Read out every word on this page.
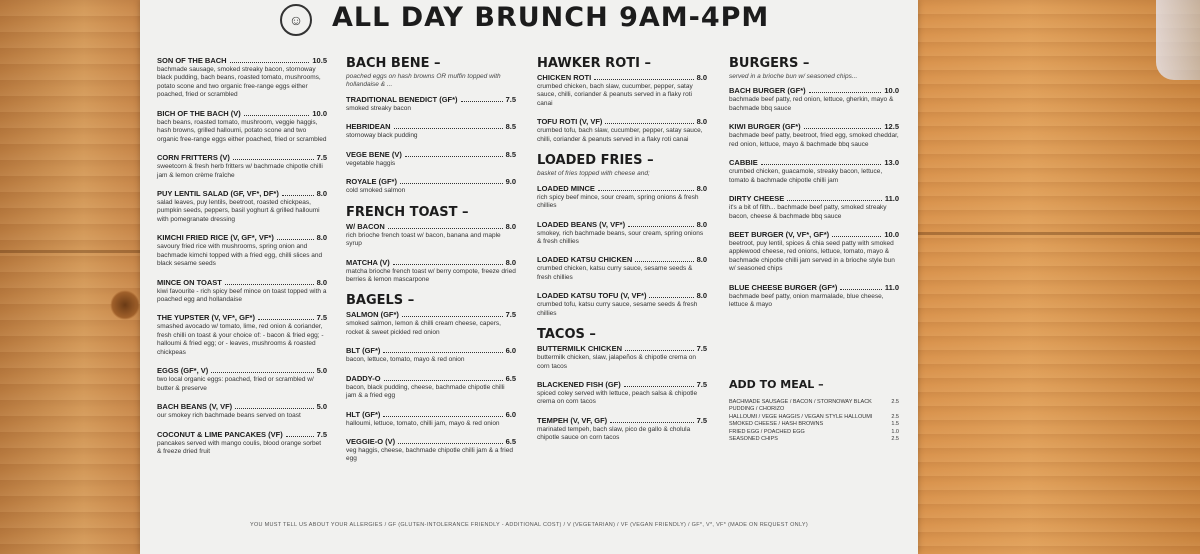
☺	ALL DAY BRUNCH 9AM-4PM
SON OF THE BACH	10.5
bachmade sausage, smoked streaky bacon, stornoway black pudding, bach beans, roasted tomato, mushrooms, potato scone and two organic free-range eggs either poached, fried or scrambled
BICH OF THE BACH (V)	10.0
bach beans, roasted tomato, mushroom, veggie haggis, hash browns, grilled halloumi, potato scone and two organic free-range eggs either poached, fried or scrambled
CORN FRITTERS (V)	7.5
sweetcorn & fresh herb fritters w/ bachmade chipotle chilli jam & lemon crème fraîche
PUY LENTIL SALAD (GF, VF*, DF*)	8.0
salad leaves, puy lentils, beetroot, roasted chickpeas, pumpkin seeds, peppers, basil yoghurt & grilled halloumi with pomegranate dressing
KIMCHI FRIED RICE (V, GF*, VF*)	8.0
savoury fried rice with mushrooms, spring onion and bachmade kimchi topped with a fried egg, chilli slices and black sesame seeds
MINCE ON TOAST	8.0
kiwi favourite - rich spicy beef mince on toast topped with a poached egg and hollandaise
THE YUPSTER (V, VF*, GF*)	7.5
smashed avocado w/ tomato, lime, red onion & coriander, fresh chilli on toast & your choice of: - bacon & fried egg; - halloumi & fried egg; or - leaves, mushrooms & roasted chickpeas
EGGS (GF*, V)	5.0
two local organic eggs: poached, fried or scrambled w/ butter & preserve
BACH BEANS (V, VF)	5.0
our smokey rich bachmade beans served on toast
COCONUT & LIME PANCAKES (VF)	7.5
pancakes served with mango coulis, blood orange sorbet & freeze dried fruit
BACH BENE –
poached eggs on hash browns OR muffin topped with hollandaise & ...
TRADITIONAL BENEDICT (GF*)	7.5
smoked streaky bacon
HEBRIDEAN	8.5
stornoway black pudding
VEGE BENE (V)	8.5
vegetable haggis
ROYALE (GF*)	9.0
cold smoked salmon
FRENCH TOAST –
W/ BACON	8.0
rich brioche french toast w/ bacon, banana and maple syrup
MATCHA (V)	8.0
matcha brioche french toast w/ berry compote, freeze dried berries & lemon mascarpone
BAGELS –
SALMON (GF*)	7.5
smoked salmon, lemon & chilli cream cheese, capers, rocket & sweet pickled red onion
BLT (GF*)	6.0
bacon, lettuce, tomato, mayo & red onion
DADDY-O	6.5
bacon, black pudding, cheese, bachmade chipotle chilli jam & a fried egg
HLT (GF*)	6.0
halloumi, lettuce, tomato, chilli jam, mayo & red onion
VEGGIE-O (V)	6.5
veg haggis, cheese, bachmade chipotle chilli jam & a fried egg
HAWKER ROTI –
CHICKEN ROTI	8.0
crumbed chicken, bach slaw, cucumber, pepper, satay sauce, chilli, coriander & peanuts served in a flaky roti canai
TOFU ROTI (V, VF)	8.0
crumbed tofu, bach slaw, cucumber, pepper, satay sauce, chilli, coriander & peanuts served in a flaky roti canai
LOADED FRIES –
basket of fries topped with cheese and;
LOADED MINCE	8.0
rich spicy beef mince, sour cream, spring onions & fresh chillies
LOADED BEANS (V, VF*)	8.0
smokey, rich bachmade beans, sour cream, spring onions & fresh chillies
LOADED KATSU CHICKEN	8.0
crumbed chicken, katsu curry sauce, sesame seeds & fresh chillies
LOADED KATSU TOFU (V, VF*)	8.0
crumbed tofu, katsu curry sauce, sesame seeds & fresh chillies
TACOS –
BUTTERMILK CHICKEN	7.5
buttermilk chicken, slaw, jalapeños & chipotle crema on corn tacos
BLACKENED FISH (GF)	7.5
spiced coley served with lettuce, peach salsa & chipotle crema on corn tacos
TEMPEH (V, VF, GF)	7.5
marinated tempeh, bach slaw, pico de gallo & cholula chipotle sauce on corn tacos
BURGERS –
served in a brioche bun w/ seasoned chips...
BACH BURGER (GF*)	10.0
bachmade beef patty, red onion, lettuce, gherkin, mayo & bachmade bbq sauce
KIWI BURGER (GF*)	12.5
bachmade beef patty, beetroot, fried egg, smoked cheddar, red onion, lettuce, mayo & bachmade bbq sauce
CABBIE	13.0
crumbed chicken, guacamole, streaky bacon, lettuce, tomato & bachmade chipotle chilli jam
DIRTY CHEESE	11.0
it's a bit of filth... bachmade beef patty, smoked streaky bacon, cheese & bachmade bbq sauce
BEET BURGER (V, VF*, GF*)	10.0
beetroot, puy lentil, spices & chia seed patty with smoked applewood cheese, red onions, lettuce, tomato, mayo & bachmade chipotle chilli jam served in a brioche style bun w/ seasoned chips
BLUE CHEESE BURGER (GF*)	11.0
bachmade beef patty, onion marmalade, blue cheese, lettuce & mayo
ADD TO MEAL –
BACHMADE SAUSAGE / BACON / STORNOWAY BLACK PUDDING / CHORIZO
2.5
HALLOUMI / VEGE HAGGIS / VEGAN STYLE HALLOUMI	2.5
SMOKED CHEESE / HASH BROWNS	1.5
FRIED EGG / POACHED EGG	1.0
SEASONED CHIPS	2.5
YOU MUST TELL US ABOUT YOUR ALLERGIES / GF (GLUTEN-INTOLERANCE FRIENDLY - ADDITIONAL COST) / V (VEGETARIAN) / VF (VEGAN FRIENDLY) / GF*, V*, VF* (MADE ON REQUEST ONLY)
